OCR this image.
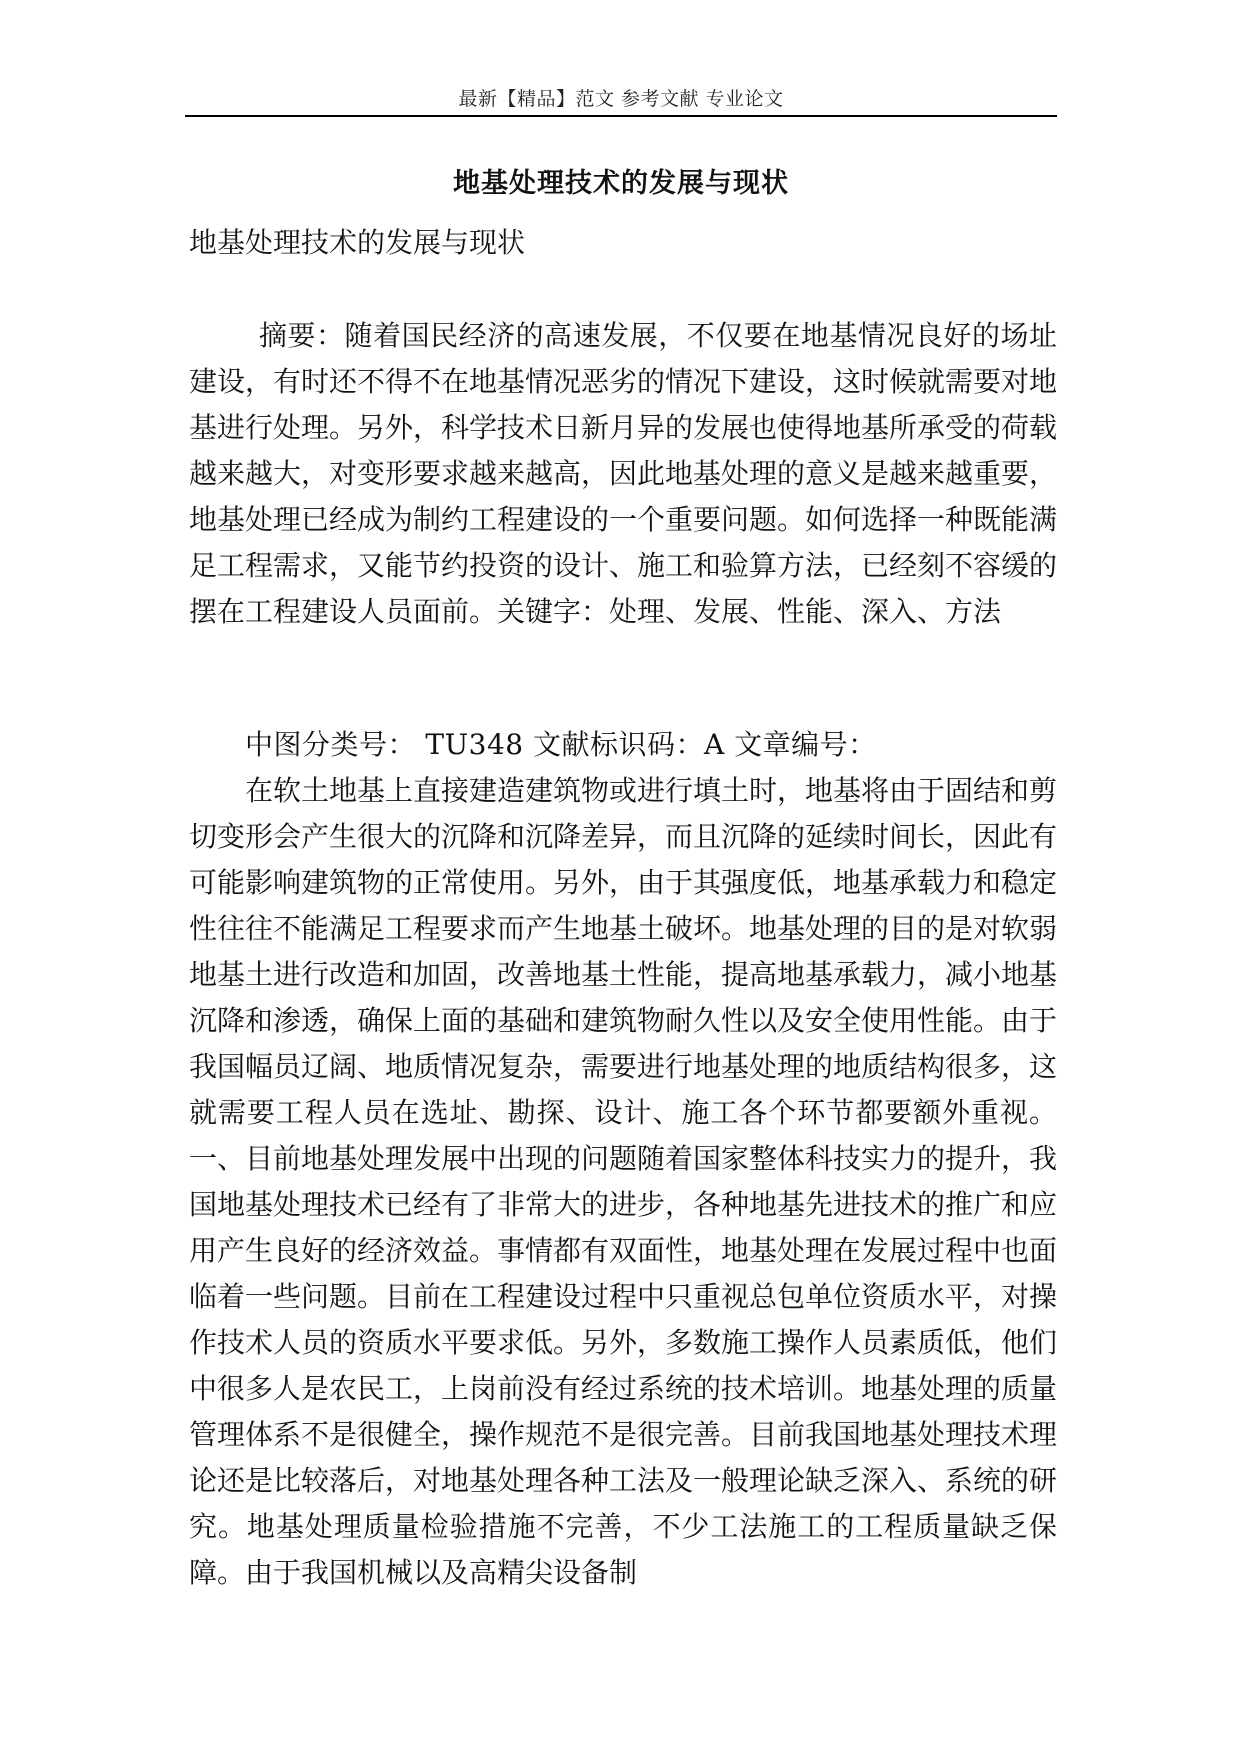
最新【精品】范文 参考文献 专业论文
地基处理技术的发展与现状
地基处理技术的发展与现状

摘要：随着国民经济的高速发展，不仅要在地基情况良好的场址建设，有时还不得不在地基情况恶劣的情况下建设，这时候就需要对地基进行处理。另外，科学技术日新月异的发展也使得地基所承受的荷载越来越大，对变形要求越来越高，因此地基处理的意义是越来越重要，地基处理已经成为制约工程建设的一个重要问题。如何选择一种既能满足工程需求，又能节约投资的设计、施工和验算方法，已经刻不容缓的摆在工程建设人员面前。关键字：处理、发展、性能、深入、方法

中图分类号： TU348 文献标识码：A 文章编号：

在软土地基上直接建造建筑物或进行填土时，地基将由于固结和剪切变形会产生很大的沉降和沉降差异，而且沉降的延续时间长，因此有可能影响建筑物的正常使用。另外，由于其强度低，地基承载力和稳定性往往不能满足工程要求而产生地基土破坏。地基处理的目的是对软弱地基土进行改造和加固，改善地基土性能，提高地基承载力，减小地基沉降和渗透，确保上面的基础和建筑物耐久性以及安全使用性能。由于我国幅员辽阔、地质情况复杂，需要进行地基处理的地质结构很多，这就需要工程人员在选址、勘探、设计、施工各个环节都要额外重视。一、目前地基处理发展中出现的问题随着国家整体科技实力的提升，我国地基处理技术已经有了非常大的进步，各种地基先进技术的推广和应用产生良好的经济效益。事情都有双面性，地基处理在发展过程中也面临着一些问题。目前在工程建设过程中只重视总包单位资质水平，对操作技术人员的资质水平要求低。另外，多数施工操作人员素质低，他们中很多人是农民工，上岗前没有经过系统的技术培训。地基处理的质量管理体系不是很健全，操作规范不是很完善。目前我国地基处理技术理论还是比较落后，对地基处理各种工法及一般理论缺乏深入、系统的研究。地基处理质量检验措施不完善，不少工法施工的工程质量缺乏保障。由于我国机械以及高精尖设备制
